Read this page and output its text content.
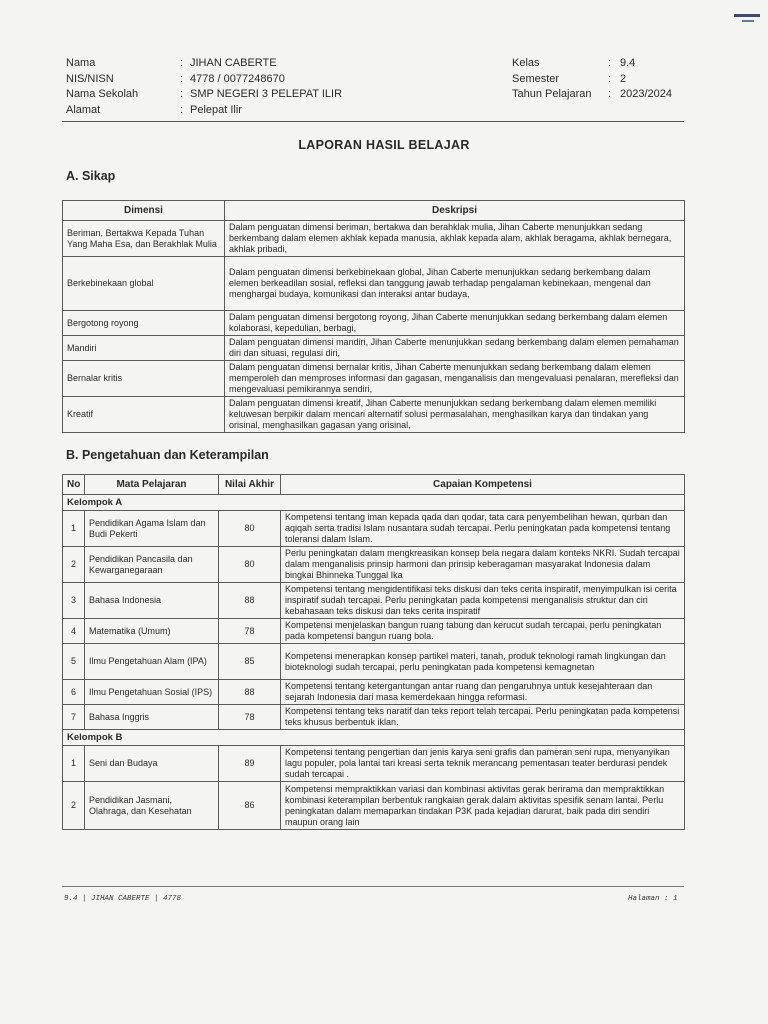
Nama	: JIHAN CABERTE
NIS/NISN	: 4778 / 0077248670
Nama Sekolah	: SMP NEGERI 3 PELEPAT ILIR
Alamat	: Pelepat Ilir
Kelas	: 9.4
Semester	: 2
Tahun Pelajaran	: 2023/2024
LAPORAN HASIL BELAJAR
A. Sikap
Dimensi	Deskripsi
Beriman, Bertakwa Kepada Tuhan Yang Maha Esa, dan Berakhlak Mulia	Dalam penguatan dimensi beriman, bertakwa dan berahklak mulia, Jihan Caberte menunjukkan sedang berkembang dalam elemen akhlak kepada manusia, akhlak kepada alam, akhlak beragama, akhlak bernegara, akhlak pribadi,
Berkebinekaan global	Dalam penguatan dimensi berkebinekaan global, Jihan Caberte menunjukkan sedang berkembang dalam elemen berkeadilan sosial, refleksi dan tanggung jawab terhadap pengalaman kebinekaan, mengenal dan menghargai budaya, komunikasi dan interaksi antar budaya,
Bergotong royong	Dalam penguatan dimensi bergotong royong, Jihan Caberte menunjukkan sedang berkembang dalam elemen kolaborasi, kepedulian, berbagi,
Mandiri	Dalam penguatan dimensi mandiri, Jihan Caberte menunjukkan sedang berkembang dalam elemen pemahaman diri dan situasi, regulasi diri,
Bernalar kritis	Dalam penguatan dimensi bernalar kritis, Jihan Caberte menunjukkan sedang berkembang dalam elemen memperoleh dan memproses informasi dan gagasan, menganalisis dan mengevaluasi penalaran, merefleksi dan mengevaluasi pemikirannya sendiri,
Kreatif	Dalam penguatan dimensi kreatif, Jihan Caberte menunjukkan sedang berkembang dalam elemen memiliki keluwesan berpikir dalam mencari alternatif solusi permasalahan, menghasilkan karya dan tindakan yang orisinal, menghasilkan gagasan yang orisinal,
B. Pengetahuan dan Keterampilan
No	Mata Pelajaran	Nilai Akhir	Capaian Kompetensi
Kelompok A			
1	Pendidikan Agama Islam dan Budi Pekerti	80	Kompetensi tentang iman kepada qada dan qodar, tata cara penyembelihan hewan, qurban dan aqiqah serta tradisi Islam nusantara sudah tercapai. Perlu peningkatan pada kompetensi tentang toleransi dalam Islam.
2	Pendidikan Pancasila dan Kewarganegaraan	80	Perlu peningkatan dalam mengkreasikan konsep bela negara dalam konteks NKRI. Sudah tercapai dalam menganalisis prinsip harmoni dan prinsip keberagaman masyarakat Indonesia dalam bingkai Bhinneka Tunggal Ika
3	Bahasa Indonesia	88	Kompetensi tentang mengidentifikasi teks diskusi dan teks cerita inspiratif, menyimpulkan isi cerita inspiratif sudah tercapai. Perlu peningkatan pada kompetensi menganalisis struktur dan ciri kebahasaan teks diskusi dan teks cerita inspiratif
4	Matematika (Umum)	78	Kompetensi menjelaskan bangun ruang tabung dan kerucut sudah tercapai, perlu peningkatan pada kompetensi bangun ruang bola.
5	Ilmu Pengetahuan Alam (IPA)	85	Kompetensi menerapkan konsep partikel materi, tanah, produk teknologi ramah lingkungan dan bioteknologi sudah tercapai, perlu peningkatan pada kompetensi kemagnetan
6	Ilmu Pengetahuan Sosial (IPS)	88	Kompetensi tentang ketergantungan antar ruang dan pengaruhnya untuk kesejahteraan dan sejarah Indonesia dari masa kemerdekaan hingga reformasi.
7	Bahasa Inggris	78	Kompetensi tentang teks naratif dan teks report telah tercapai. Perlu peningkatan pada kompetensi teks khusus berbentuk iklan.
Kelompok B			
1	Seni dan Budaya	89	Kompetensi tentang pengertian dan jenis karya seni grafis dan pameran seni rupa, menyanyikan lagu populer, pola lantai tari kreasi serta teknik merancang pementasan teater berdurasi pendek sudah tercapai .
2	Pendidikan Jasmani, Olahraga, dan Kesehatan	86	Kompetensi mempraktikkan variasi dan kombinasi aktivitas gerak berirama dan mempraktikkan kombinasi keterampilan berbentuk rangkaian gerak dalam aktivitas spesifik senam lantai. Perlu peningkatan dalam memaparkan tindakan P3K pada kejadian darurat, baik pada diri sendiri maupun orang lain
9.4 | JIHAN CABERTE | 4778	Halaman : 1
